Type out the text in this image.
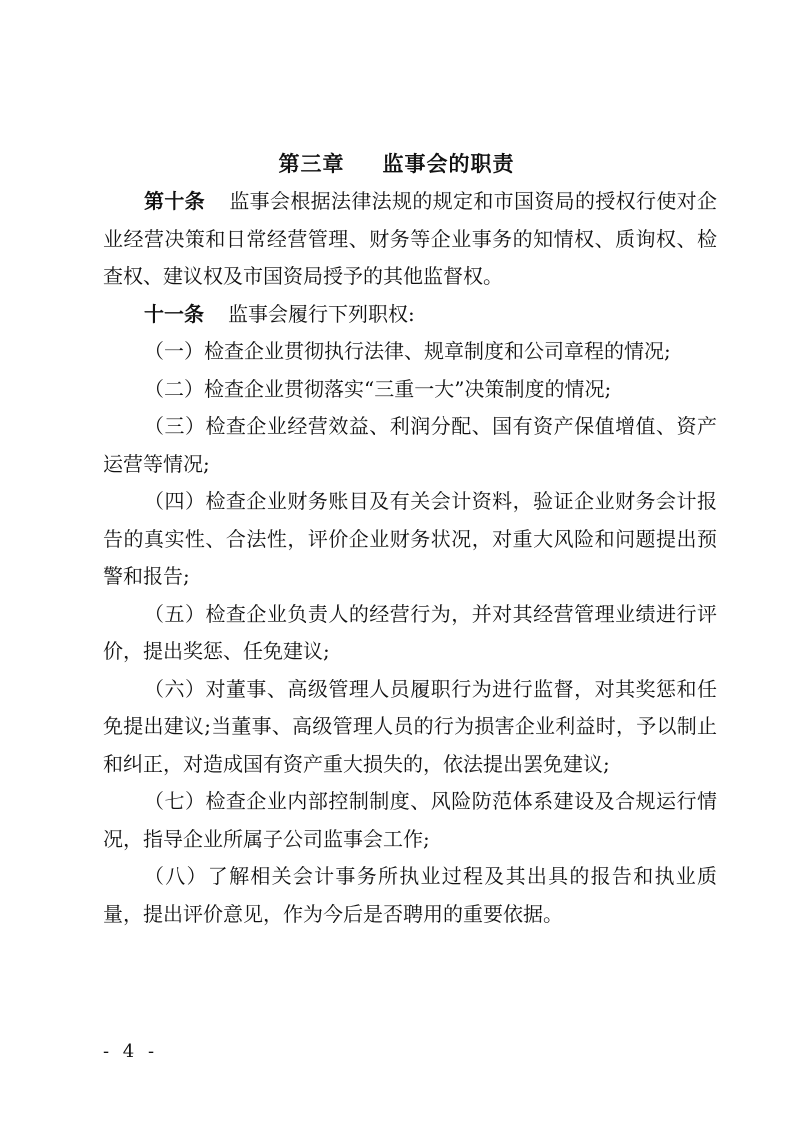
第三章 监事会的职责

第十条 监事会根据法律法规的规定和市国资局的授权行使对企业经营决策和日常经营管理、财务等企业事务的知情权、质询权、检查权、建议权及市国资局授予的其他监督权。

十一条 监事会履行下列职权:

（一）检查企业贯彻执行法律、规章制度和公司章程的情况;

（二）检查企业贯彻落实“三重一大”决策制度的情况;

（三）检查企业经营效益、利润分配、国有资产保值增值、资产运营等情况;

（四）检查企业财务账目及有关会计资料，验证企业财务会计报告的真实性、合法性，评价企业财务状况，对重大风险和问题提出预警和报告;

（五）检查企业负责人的经营行为，并对其经营管理业绩进行评价，提出奖惩、任免建议;

（六）对董事、高级管理人员履职行为进行监督，对其奖惩和任免提出建议;当董事、高级管理人员的行为损害企业利益时，予以制止和纠正，对造成国有资产重大损失的，依法提出罢免建议;

（七）检查企业内部控制制度、风险防范体系建设及合规运行情况，指导企业所属子公司监事会工作;

（八）了解相关会计事务所执业过程及其出具的报告和执业质量，提出评价意见，作为今后是否聘用的重要依据。

- 4 -
